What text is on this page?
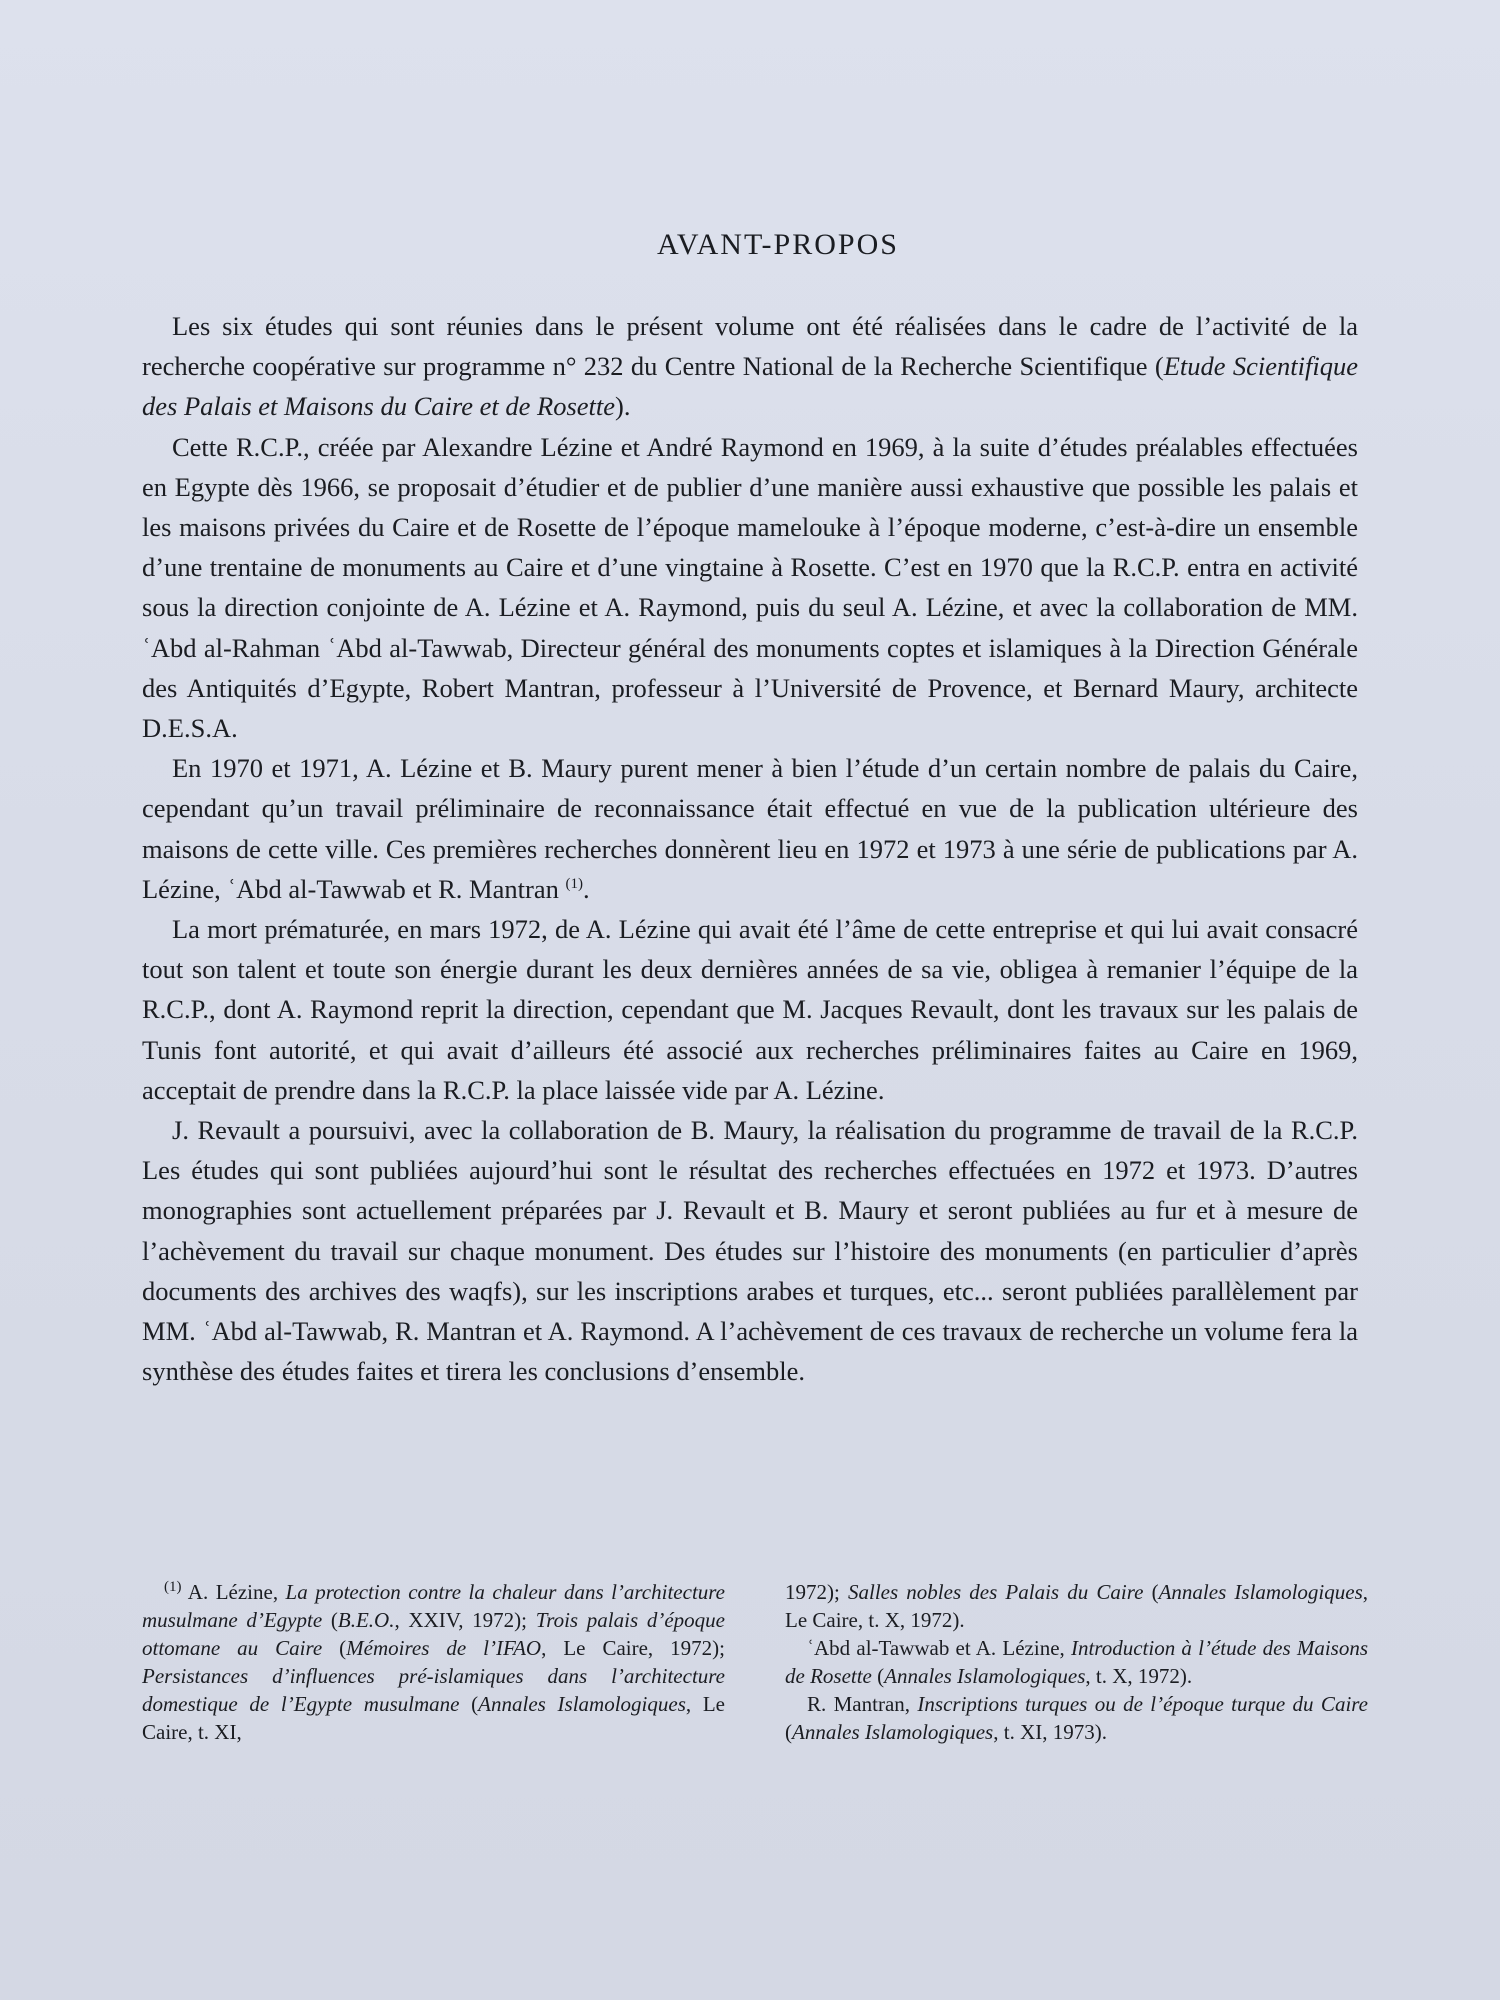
AVANT-PROPOS

Les six études qui sont réunies dans le présent volume ont été réalisées dans le cadre de l’activité de la recherche coopérative sur programme n° 232 du Centre National de la Recherche Scientifique (Etude Scientifique des Palais et Maisons du Caire et de Rosette).

Cette R.C.P., créée par Alexandre Lézine et André Raymond en 1969, à la suite d’études préalables effectuées en Egypte dès 1966, se proposait d’étudier et de publier d’une manière aussi exhaustive que possible les palais et les maisons privées du Caire et de Rosette de l’époque mamelouke à l’époque moderne, c’est-à-dire un ensemble d’une trentaine de monuments au Caire et d’une vingtaine à Rosette. C’est en 1970 que la R.C.P. entra en activité sous la direction conjointe de A. Lézine et A. Raymond, puis du seul A. Lézine, et avec la collaboration de MM. ʿAbd al-Rahman ʿAbd al-Tawwab, Directeur général des monuments coptes et islamiques à la Direction Générale des Antiquités d’Egypte, Robert Mantran, professeur à l’Université de Provence, et Bernard Maury, architecte D.E.S.A.

En 1970 et 1971, A. Lézine et B. Maury purent mener à bien l’étude d’un certain nombre de palais du Caire, cependant qu’un travail préliminaire de reconnaissance était effectué en vue de la publication ultérieure des maisons de cette ville. Ces premières recherches donnèrent lieu en 1972 et 1973 à une série de publications par A. Lézine, ʿAbd al-Tawwab et R. Mantran $^{(1)}$.

La mort prématurée, en mars 1972, de A. Lézine qui avait été l’âme de cette entreprise et qui lui avait consacré tout son talent et toute son énergie durant les deux dernières années de sa vie, obligea à remanier l’équipe de la R.C.P., dont A. Raymond reprit la direction, cependant que M. Jacques Revault, dont les travaux sur les palais de Tunis font autorité, et qui avait d’ailleurs été associé aux recherches préliminaires faites au Caire en 1969, acceptait de prendre dans la R.C.P. la place laissée vide par A. Lézine.

J. Revault a poursuivi, avec la collaboration de B. Maury, la réalisation du programme de travail de la R.C.P. Les études qui sont publiées aujourd’hui sont le résultat des recherches effectuées en 1972 et 1973. D’autres monographies sont actuellement préparées par J. Revault et B. Maury et seront publiées au fur et à mesure de l’achèvement du travail sur chaque monument. Des études sur l’histoire des monuments (en particulier d’après documents des archives des waqfs), sur les inscriptions arabes et turques, etc... seront publiées parallèlement par MM. ʿAbd al-Tawwab, R. Mantran et A. Raymond. A l’achèvement de ces travaux de recherche un volume fera la synthèse des études faites et tirera les conclusions d’ensemble.

$^{(1)}$ A. Lézine, La protection contre la chaleur dans l’architecture musulmane d’Egypte (B.E.O., XXIV, 1972); Trois palais d’époque ottomane au Caire (Mémoires de l’IFAO, Le Caire, 1972); Persistances d’influences pré-islamiques dans l’architecture domestique de l’Egypte musulmane (Annales Islamologiques, Le Caire, t. XI,

1972); Salles nobles des Palais du Caire (Annales Islamologiques, Le Caire, t. X, 1972).

ʿAbd al-Tawwab et A. Lézine, Introduction à l’étude des Maisons de Rosette (Annales Islamologiques, t. X, 1972).

R. Mantran, Inscriptions turques ou de l’époque turque du Caire (Annales Islamologiques, t. XI, 1973).
